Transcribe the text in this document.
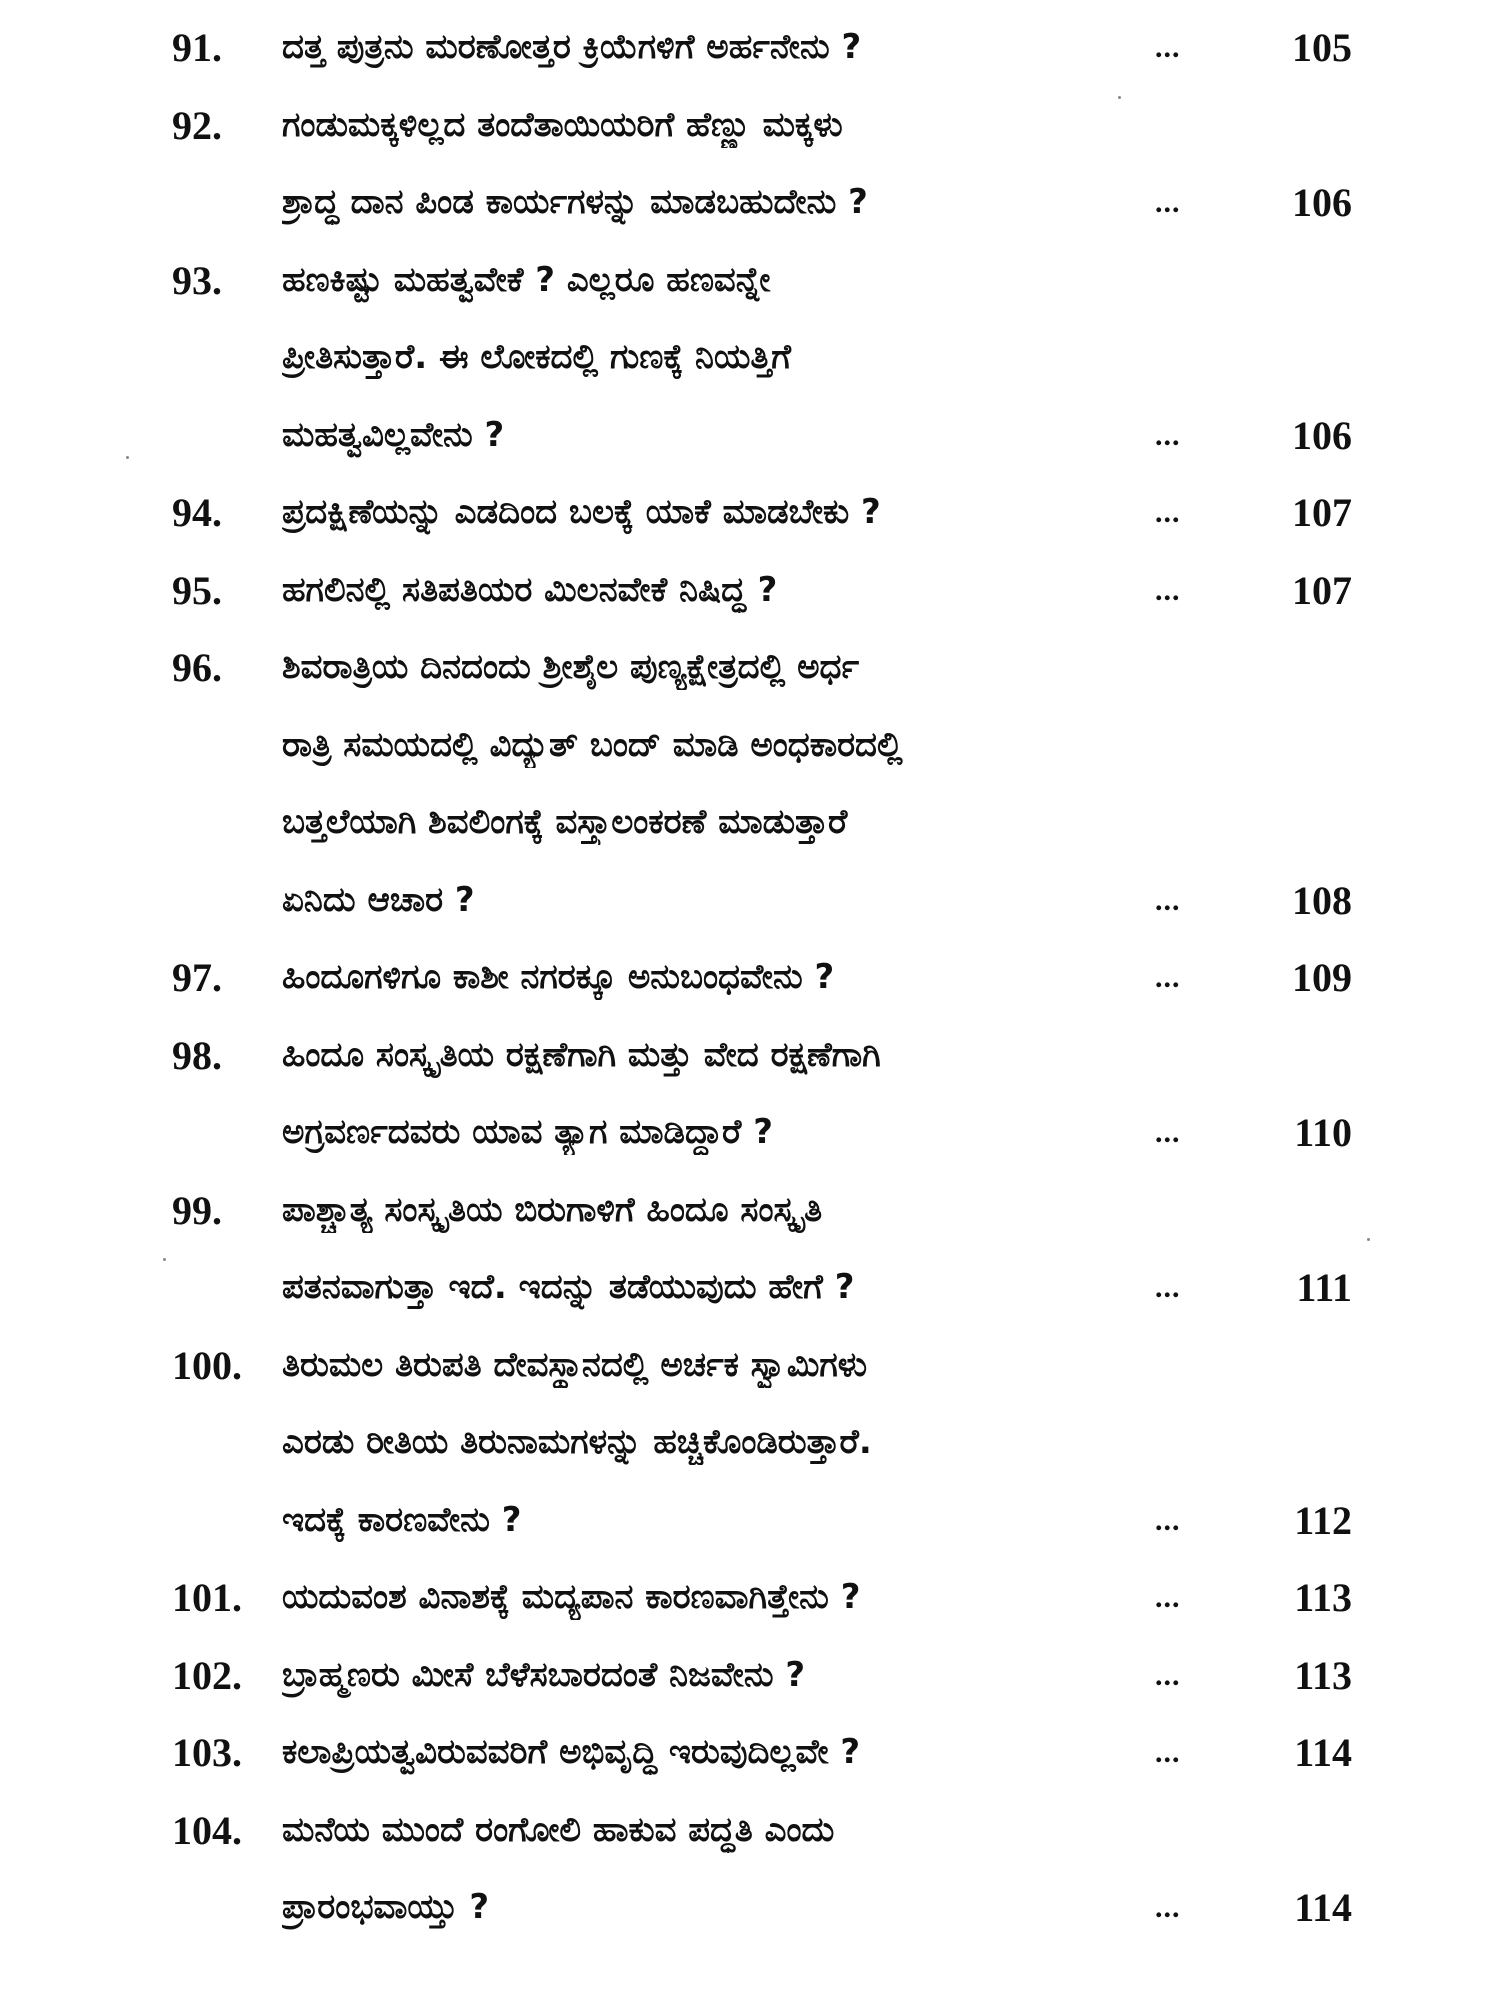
91. ದತ್ತ ಪುತ್ರನು ಮರಣೋತ್ತರ ಕ್ರಿಯೆಗಳಿಗೆ ಅರ್ಹನೇನು ?	...	105
92. ಗಂಡುಮಕ್ಕಳಿಲ್ಲದ ತಂದೆತಾಯಿಯರಿಗೆ ಹೆಣ್ಣು ಮಕ್ಕಳು
ಶ್ರಾದ್ಧ ದಾನ ಪಿಂಡ ಕಾರ್ಯಗಳನ್ನು ಮಾಡಬಹುದೇನು ?	...	106
93. ಹಣಕಿಷ್ಟು ಮಹತ್ವವೇಕೆ ? ಎಲ್ಲರೂ ಹಣವನ್ನೇ
ಪ್ರೀತಿಸುತ್ತಾರೆ. ಈ ಲೋಕದಲ್ಲಿ ಗುಣಕ್ಕೆ ನಿಯತ್ತಿಗೆ
ಮಹತ್ವವಿಲ್ಲವೇನು ?	...	106
94. ಪ್ರದಕ್ಷಿಣೆಯನ್ನು ಎಡದಿಂದ ಬಲಕ್ಕೆ ಯಾಕೆ ಮಾಡಬೇಕು ?	...	107
95. ಹಗಲಿನಲ್ಲಿ ಸತಿಪತಿಯರ ಮಿಲನವೇಕೆ ನಿಷಿದ್ಧ ?	...	107
96. ಶಿವರಾತ್ರಿಯ ದಿನದಂದು ಶ್ರೀಶೈಲ ಪುಣ್ಯಕ್ಷೇತ್ರದಲ್ಲಿ ಅರ್ಧ
ರಾತ್ರಿ ಸಮಯದಲ್ಲಿ ವಿದ್ಯುತ್ ಬಂದ್ ಮಾಡಿ ಅಂಧಕಾರದಲ್ಲಿ
ಬತ್ತಲೆಯಾಗಿ ಶಿವಲಿಂಗಕ್ಕೆ ವಸ್ತ್ರಾಲಂಕರಣೆ ಮಾಡುತ್ತಾರೆ
ಏನಿದು ಆಚಾರ ?	...	108
97. ಹಿಂದೂಗಳಿಗೂ ಕಾಶೀ ನಗರಕ್ಕೂ ಅನುಬಂಧವೇನು ?	...	109
98. ಹಿಂದೂ ಸಂಸ್ಕೃತಿಯ ರಕ್ಷಣೆಗಾಗಿ ಮತ್ತು ವೇದ ರಕ್ಷಣೆಗಾಗಿ
ಅಗ್ರವರ್ಣದವರು ಯಾವ ತ್ಯಾಗ ಮಾಡಿದ್ದಾರೆ ?	...	110
99. ಪಾಶ್ಚಾತ್ಯ ಸಂಸ್ಕೃತಿಯ ಬಿರುಗಾಳಿಗೆ ಹಿಂದೂ ಸಂಸ್ಕೃತಿ
ಪತನವಾಗುತ್ತಾ ಇದೆ. ಇದನ್ನು ತಡೆಯುವುದು ಹೇಗೆ ?	...	111
100. ತಿರುಮಲ ತಿರುಪತಿ ದೇವಸ್ಥಾನದಲ್ಲಿ ಅರ್ಚಕ ಸ್ವಾಮಿಗಳು
ಎರಡು ರೀತಿಯ ತಿರುನಾಮಗಳನ್ನು ಹಚ್ಚಿಕೊಂಡಿರುತ್ತಾರೆ.
ಇದಕ್ಕೆ ಕಾರಣವೇನು ?	...	112
101. ಯದುವಂಶ ವಿನಾಶಕ್ಕೆ ಮದ್ಯಪಾನ ಕಾರಣವಾಗಿತ್ತೇನು ?	...	113
102. ಬ್ರಾಹ್ಮಣರು ಮೀಸೆ ಬೆಳೆಸಬಾರದಂತೆ ನಿಜವೇನು ?	...	113
103. ಕಲಾಪ್ರಿಯತ್ವವಿರುವವರಿಗೆ ಅಭಿವೃದ್ಧಿ ಇರುವುದಿಲ್ಲವೇ ?	...	114
104. ಮನೆಯ ಮುಂದೆ ರಂಗೋಲಿ ಹಾಕುವ ಪದ್ಧತಿ ಎಂದು
ಪ್ರಾರಂಭವಾಯ್ತು ?	...	114
